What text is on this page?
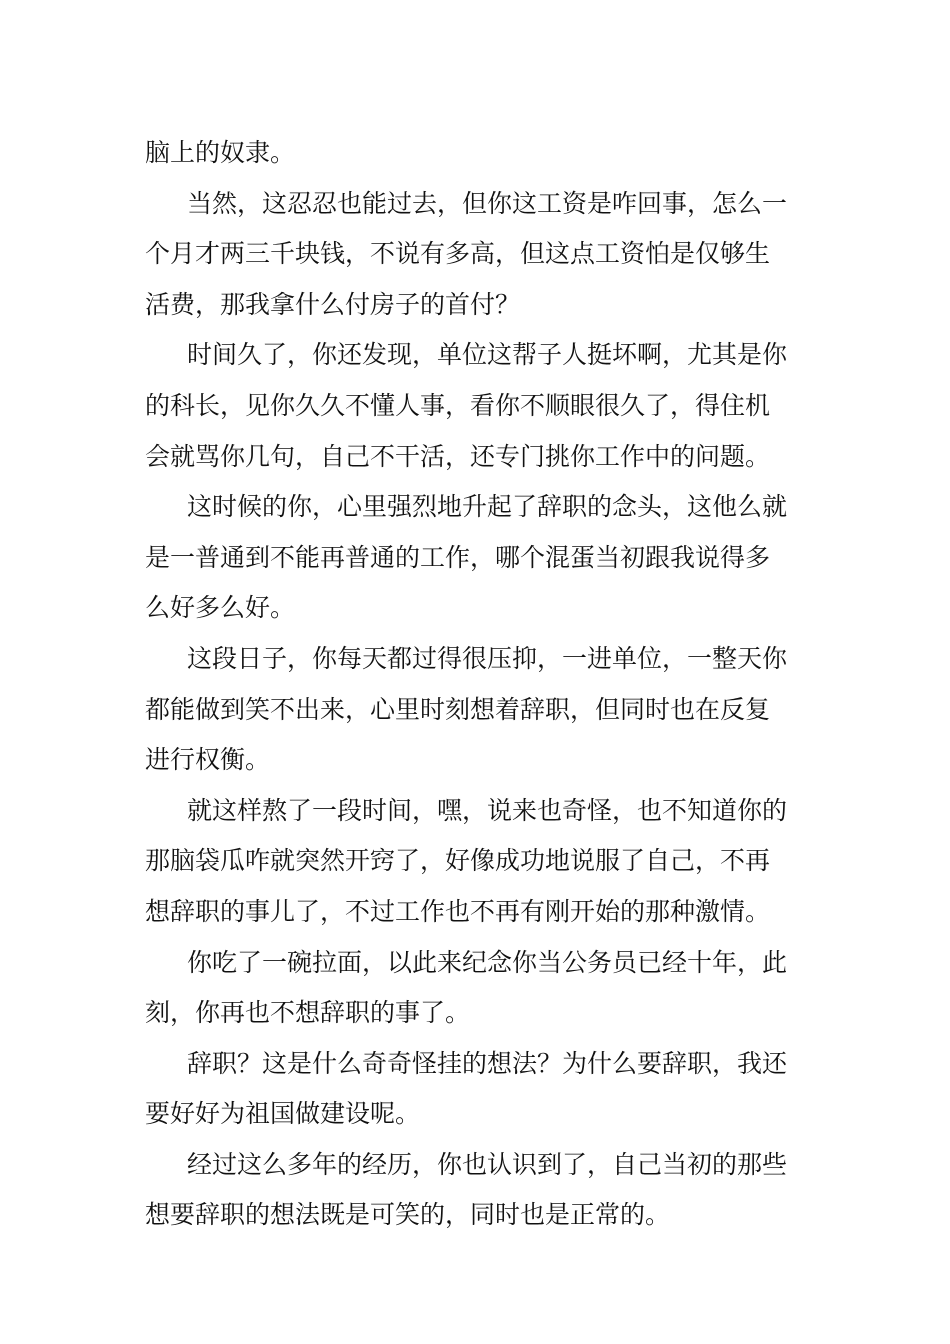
脑上的奴隶。
当然，这忍忍也能过去，但你这工资是咋回事，怎么一
个月才两三千块钱，不说有多高，但这点工资怕是仅够生
活费，那我拿什么付房子的首付？
时间久了，你还发现，单位这帮子人挺坏啊，尤其是你
的科长，见你久久不懂人事，看你不顺眼很久了，得住机
会就骂你几句，自己不干活，还专门挑你工作中的问题。
这时候的你，心里强烈地升起了辞职的念头，这他么就
是一普通到不能再普通的工作，哪个混蛋当初跟我说得多
么好多么好。
这段日子，你每天都过得很压抑，一进单位，一整天你
都能做到笑不出来，心里时刻想着辞职，但同时也在反复
进行权衡。
就这样熬了一段时间，嘿，说来也奇怪，也不知道你的
那脑袋瓜咋就突然开窍了，好像成功地说服了自己，不再
想辞职的事儿了，不过工作也不再有刚开始的那种激情。
你吃了一碗拉面，以此来纪念你当公务员已经十年，此
刻，你再也不想辞职的事了。
辞职？这是什么奇奇怪挂的想法？为什么要辞职，我还
要好好为祖国做建设呢。
经过这么多年的经历，你也认识到了，自己当初的那些
想要辞职的想法既是可笑的，同时也是正常的。
